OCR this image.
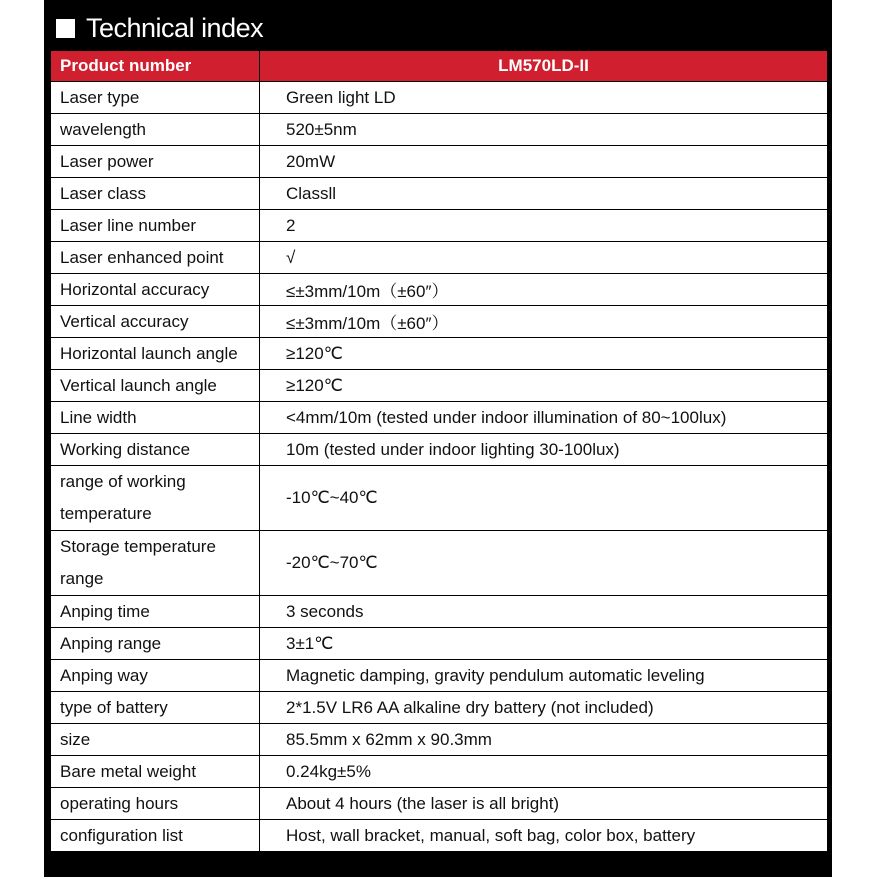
Technical index
Product number	LM570LD-II
Laser type	Green light LD
wavelength	520±5nm
Laser power	20mW
Laser class	Classll
Laser line number	2
Laser enhanced point	√
Horizontal accuracy	≤±3mm/10m（±60″）
Vertical accuracy	≤±3mm/10m（±60″）
Horizontal launch angle	≥120℃
Vertical launch angle	≥120℃
Line width	<4mm/10m (tested under indoor illumination of 80~100lux)
Working distance	10m (tested under indoor lighting 30-100lux)
range of working temperature	-10℃~40℃
Storage temperature range	-20℃~70℃
Anping time	3 seconds
Anping range	3±1℃
Anping way	Magnetic damping, gravity pendulum automatic leveling
type of battery	2*1.5V LR6 AA alkaline dry battery (not included)
size	85.5mm x 62mm x 90.3mm
Bare metal weight	0.24kg±5%
operating hours	About 4 hours (the laser is all bright)
configuration list	Host, wall bracket, manual, soft bag, color box, battery
